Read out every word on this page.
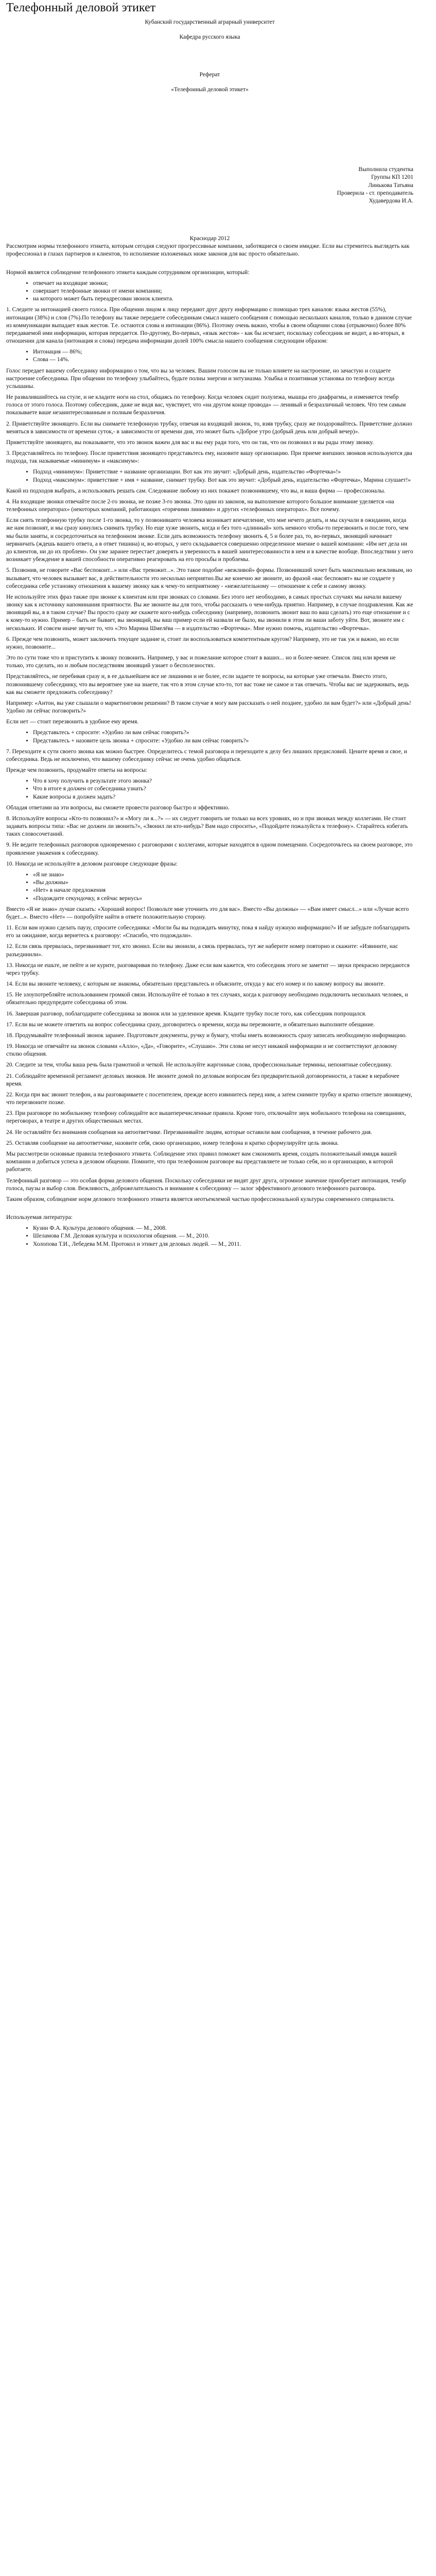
Телефонный деловой этикет

Кубанский государственный аграрный университет

Кафедра русского языка

Реферат

«Телефонный деловой этикет»

Выполнила студентка

Группы КП 1201

Линькова Татьяна

Проверила - ст. преподаватель

Худавердова И.А.

Краснодар 2012

Рассмотрим нормы телефонного этикета, которым сегодня следуют прогрессивные компании, заботящиеся о своем имидже. Если вы стремитесь выглядеть как профессионал в глазах партнеров и клиентов, то исполнение изложенных ниже законов для вас просто обязательно.

Нормой является соблюдение телефонного этикета каждым сотрудником организации, который:

• отвечает на входящие звонки;
• совершает телефонные звонки от имени компании;
• на которого может быть переадресован звонок клиента.

1. Следите за интонацией своего голоса. При общении лицом к лицу передают друг другу информацию с помощью трех каналов: языка жестов (55%), интонации (38%) и слов (7%).По телефону вы также передаете собеседникам смысл нашего сообщения с помощью нескольких каналов, только в данном случае из коммуникации выпадает язык жестов. Т.е. остаются слова и интонации (86%). Поэтому очень важно, чтобы в своем общении слова (отрывочно) более 80% передаваемой ими информации, которая передается. По-другому, Во-первых, «язык жестов» - как бы исчезает, поскольку собеседник не видит, а во-вторых, в отношении для канала (интонация и слова) передача информации долей 100% смысла нашего сообщения следующим образом:

• Интонация — 86%;
• Слова — 14%.

Голос передает вашему собеседнику информацию о том, что вы за человек. Вашим голосом вы не только влияете на настроение, но зачастую и создаете настроение собеседника. При общении по телефону улыбайтесь, будьте полны энергии и энтузиазма. Улыбка и позитивная установка по телефону всегда услышаны.

Не развалившийтесь на стуле, и не кладите ноги на стол, общаясь по телефону. Когда человек сидит полулежа, мышцы его диафрагмы, и изменяется тембр голоса от этого голоса. Поэтому собеседник, даже не видя вас, чувствует, что «на другом конце провода» — ленивый и безразличный человек. Что тем самым показываете ваше незаинтересованным и полным безразличия.

2. Приветствуйте звонящего. Если вы снимаете телефонную трубку, отвечая на входящий звонок, то, взяв трубку, сразу же поздоровайтесь. Приветствие должно меняться в зависимости от времени суток,- в зависимости от времени дня, это может быть «Доброе утро (добрый день или добрый вечер)».

Приветствуйте звонящего, вы показываете, что это звонок важен для вас и вы ему ради того, что он так, что он позвонил и вы рады этому звонку.

3. Представляйтесь по телефону. После приветствия звонящего представьтесь ему, назовите вашу организацию. При приеме внешних звонков используются два подхода, так называемые «минимум» и «максимум»:

• Подход «минимум»: Приветствие + название организации. Вот как это звучит: «Добрый день, издательство «Фортечка»!»
• Подход «максимум»: приветствие + имя + название, снимает трубку. Вот как это звучит: «Добрый день, издательство «Фортечка», Марина слушает!»

Какой из подходов выбрать, а использовать решать сам. Следование любому из них покажет позвонившему, что вы, и ваша фирма — профессионалы.

4. На входящие звонки отвечайте после 2-го звонка, не позже 3-го звонка. Это один из законов, на выполнение которого большое внимание уделяется «на телефонных операторах» (некоторых компаний, работающих «горячими линиями» и других «телефонных операторах». Все почему.

Если снять телефонную трубку после 1-го звонка, то у позвонившего человека возникает впечатление, что мне нечего делать, и мы скучали в ожидании, когда же нам позвонят, и мы сразу кинулись снимать трубку. Но еще хуже звонить, когда и без того «длинный» хоть немного чтобы-то перезвонить и после того, чем мы были заняты, и сосредоточиться на телефонном звонке. Если дать возможность телефону звонить 4, 5 и более раз, то, во-первых, звонящий начинает нервничать (ждешь вашего ответа, а в ответ тишина) и, во-вторых, у него складывается совершенно определенное мнение о вашей компании: «Им нет дела ни до клиентов, ни до их проблем». Он уже заранее перестает доверять и уверенность в вашей заинтересованности в нем и в качестве вообще. Впоследствии у него возникает убеждение в вашей способности оперативно реагировать на его просьбы и проблемы.

5. Позвонив, не говорите «Вас беспокоит...» или «Вас тревожит...». Это такое подобие «вежливой» формы. Позвонивший хочет быть максимально вежливым, но вызывает, что человек вызывает вас, в действительности это несколько неприятно.Вы же конечно же звоните, но фразой «вас беспокоят» вы не создаете у собеседника себе установку отношения к вашему звонку как к чему-то неприятному - «нежелательному — отношение к себе и самому звонку.

Не используйте этих фраз также при звонке к клиентам или при звонках со словами. Без этого нет необходимо, в самых простых случаях мы начали вашему звонку как к источнику напоминания приятности. Вы же звоните вы для того, чтобы рассказать о чем-нибудь приятно. Например, в случае поздравления. Как же звонящий вы, в в таком случае? Вы просто сразу же скажете кого-нибудь собеседнику (например, позвонить звонит ваш по ваш сделать) это еще отношение и с к кому-то нужно. Пример – быть не бывает, вы звонящий, вы ваш пример если ей назвали не было, вы звонили в этом ли ваши заботу уйти. Вот, звоните им с нескольких. И совсем иначе звучит то, что «Это Марина Шмелёва — в издательство «Фортечка». Мне нужно помочь, издательство «Фортечка».

6. Прежде чем позвонить, может заключить текущее задание и, стоит ли воспользоваться компетентным кругом? Например, это не так уж и важно, но если нужно, позвоните...

Это по сути тоже что и приступить к звонку позвонить. Например, у вас и пожелание которое стоит в ваших... но и более-менее. Список лиц или время не только, это сделать, но и любым последствиям звонящий узнает о бесполезностях.

Представляйтесь, не перебивая сразу и, в ее дальнейшем все не лишними и не более, если задаете те вопросы, на которые уже отвечали. Вместо этого, позвонившему собеседнику, что вы вероятнее уже на знаете, так что в этом случае кто-то, тот вас тоже не самое и так отвечать. Чтобы вас не задерживать, ведь как вы сможете предложить собеседнику?

Например: «Антон, вы уже слышали о маркетинговом решении? В таком случае я могу вам рассказать о ней позднее, удобно ли вам будет?» или «Добрый день! Удобно ли сейчас поговорить?»

Если нет — стоит перезвонить в удобное ему время.

• Представьтесь + спросите: «Удобно ли вам сейчас говорить?»
• Представьтесь + назовите цель звонка + спросите: «Удобно ли вам сейчас говорить?»

7. Переходите к сути своего звонка как можно быстрее. Определитесь с темой разговора и переходите к делу без лишних предисловий. Цените время и свое, и собеседника. Ведь не исключено, что вашему собеседнику сейчас не очень удобно общаться.

Прежде чем позвонить, продумайте ответы на вопросы:

• Что я хочу получить в результате этого звонка?
• Что в итоге я должен от собеседника узнать?
• Какие вопросы я должен задать?

Обладая ответами на эти вопросы, вы сможете провести разговор быстро и эффективно.

8. Используйте вопросы «Кто-то позвонил?» и «Могу ли я...?» — их следует говорить не только на всех уровнях, но и при звонках между коллегами. Не стоит задавать вопросы типа: «Вас не должен ли звонить?», «Звонил ли кто-нибудь? Вам надо спросить», «Подойдите пожалуйста к телефону». Старайтесь избегать таких словосочетаний.

9. Не ведите телефонных разговоров одновременно с разговорами с коллегами, которые находятся в одном помещении. Сосредоточьтесь на своем разговоре, это проявление уважения к собеседнику.

10. Никогда не используйте в деловом разговоре следующие фразы:

• «Я не знаю»
• «Вы должны»
• «Нет» в начале предложения
• «Подождите секундочку, я сейчас вернусь»

Вместо «Я не знаю» лучше сказать: «Хороший вопрос! Позвольте мне уточнить это для вас». Вместо «Вы должны» — «Вам имеет смысл...» или «Лучше всего будет...». Вместо «Нет» — попробуйте найти в ответе положительную сторону.

11. Если вам нужно сделать паузу, спросите собеседника: «Могли бы вы подождать минутку, пока я найду нужную информацию?» И не забудьте поблагодарить его за ожидание, когда вернетесь к разговору: «Спасибо, что подождали».

12. Если связь прервалась, перезванивает тот, кто звонил. Если вы звонили, а связь прервалась, тут же наберите номер повторно и скажите: «Извините, нас разъединили».

13. Никогда не ешьте, не пейте и не курите, разговаривая по телефону. Даже если вам кажется, что собеседник этого не заметит — звуки прекрасно передаются через трубку.

14. Если вы звоните человеку, с которым не знакомы, обязательно представьтесь и объясните, откуда у вас его номер и по какому вопросу вы звоните.

15. Не злоупотребляйте использованием громкой связи. Используйте её только в тех случаях, когда к разговору необходимо подключить нескольких человек, и обязательно предупредите собеседника об этом.

16. Завершая разговор, поблагодарите собеседника за звонок или за уделенное время. Кладите трубку после того, как собеседник попрощался.

17. Если вы не можете ответить на вопрос собеседника сразу, договоритесь о времени, когда вы перезвоните, и обязательно выполните обещание.

18. Продумывайте телефонный звонок заранее. Подготовьте документы, ручку и бумагу, чтобы иметь возможность сразу записать необходимую информацию.

19. Никогда не отвечайте на звонок словами «Алло», «Да», «Говорите», «Слушаю». Эти слова не несут никакой информации и не соответствуют деловому стилю общения.

20. Следите за тем, чтобы ваша речь была грамотной и четкой. Не используйте жаргонные слова, профессиональные термины, непонятные собеседнику.

21. Соблюдайте временной регламент деловых звонков. Не звоните домой по деловым вопросам без предварительной договоренности, а также в нерабочее время.

22. Когда при вас звонит телефон, а вы разговариваете с посетителем, прежде всего извинитесь перед ним, а затем снимите трубку и кратко ответьте звонящему, что перезвоните позже.

23. При разговоре по мобильному телефону соблюдайте все вышеперечисленные правила. Кроме того, отключайте звук мобильного телефона на совещаниях, переговорах, в театре и других общественных местах.

24. Не оставляйте без внимания сообщения на автоответчике. Перезванивайте людям, которые оставили вам сообщения, в течение рабочего дня.

25. Оставляя сообщение на автоответчике, назовите себя, свою организацию, номер телефона и кратко сформулируйте цель звонка.

Мы рассмотрели основные правила телефонного этикета. Соблюдение этих правил поможет вам сэкономить время, создать положительный имидж вашей компании и добиться успеха в деловом общении. Помните, что при телефонном разговоре вы представляете не только себя, но и организацию, в которой работаете.

Телефонный разговор — это особая форма делового общения. Поскольку собеседники не видят друг друга, огромное значение приобретает интонация, тембр голоса, паузы и выбор слов. Вежливость, доброжелательность и внимание к собеседнику — залог эффективного делового телефонного разговора.

Таким образом, соблюдение норм делового телефонного этикета является неотъемлемой частью профессиональной культуры современного специалиста.

Используемая литература:

• Кузин Ф.А. Культура делового общения. — М., 2008.
• Шеламова Г.М. Деловая культура и психология общения. — М., 2010.
• Холопова Т.И., Лебедева М.М. Протокол и этикет для деловых людей. — М., 2011.
